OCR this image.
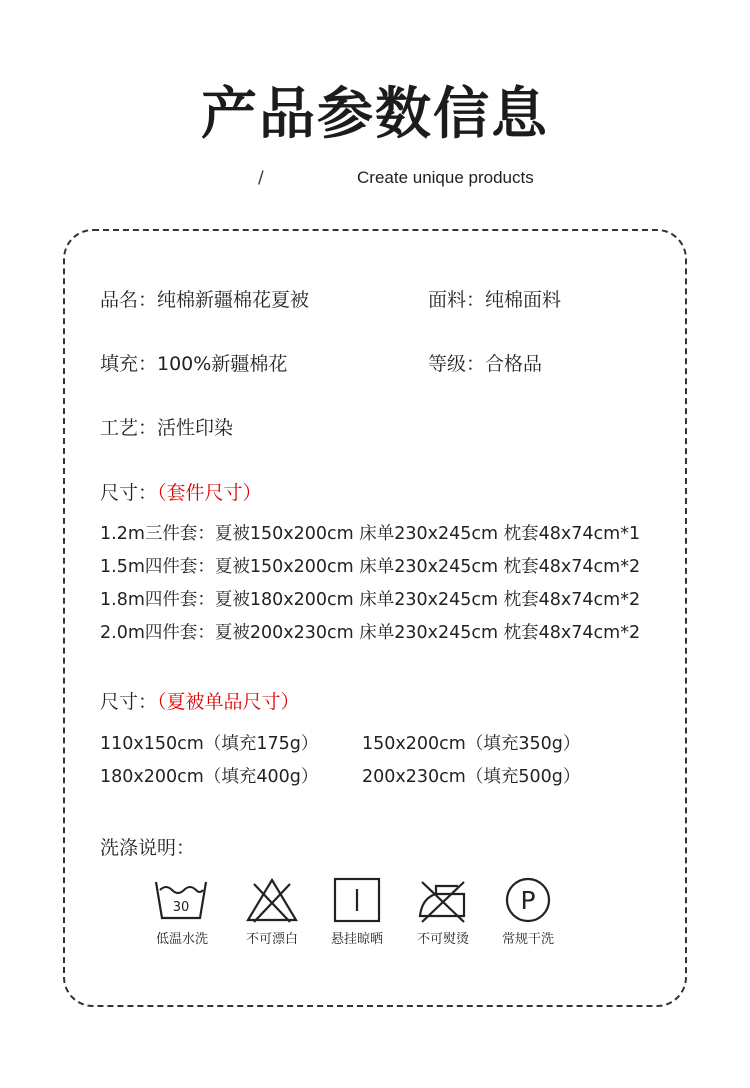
产品参数信息
/	Create unique products
品名：纯棉新疆棉花夏被	面料：纯棉面料
填充：100%新疆棉花	等级：合格品
工艺：活性印染
尺寸：（套件尺寸）
1.2m三件套：夏被150x200cm 床单230x245cm 枕套48x74cm*1
1.5m四件套：夏被150x200cm 床单230x245cm 枕套48x74cm*2
1.8m四件套：夏被180x200cm 床单230x245cm 枕套48x74cm*2
2.0m四件套：夏被200x230cm 床单230x245cm 枕套48x74cm*2
尺寸：（夏被单品尺寸）
110x150cm（填充175g） 150x200cm（填充350g）
180x200cm（填充400g） 200x230cm（填充500g）
洗涤说明：
30
低温水洗	不可漂白	悬挂晾晒	不可熨烫
P
常规干洗
